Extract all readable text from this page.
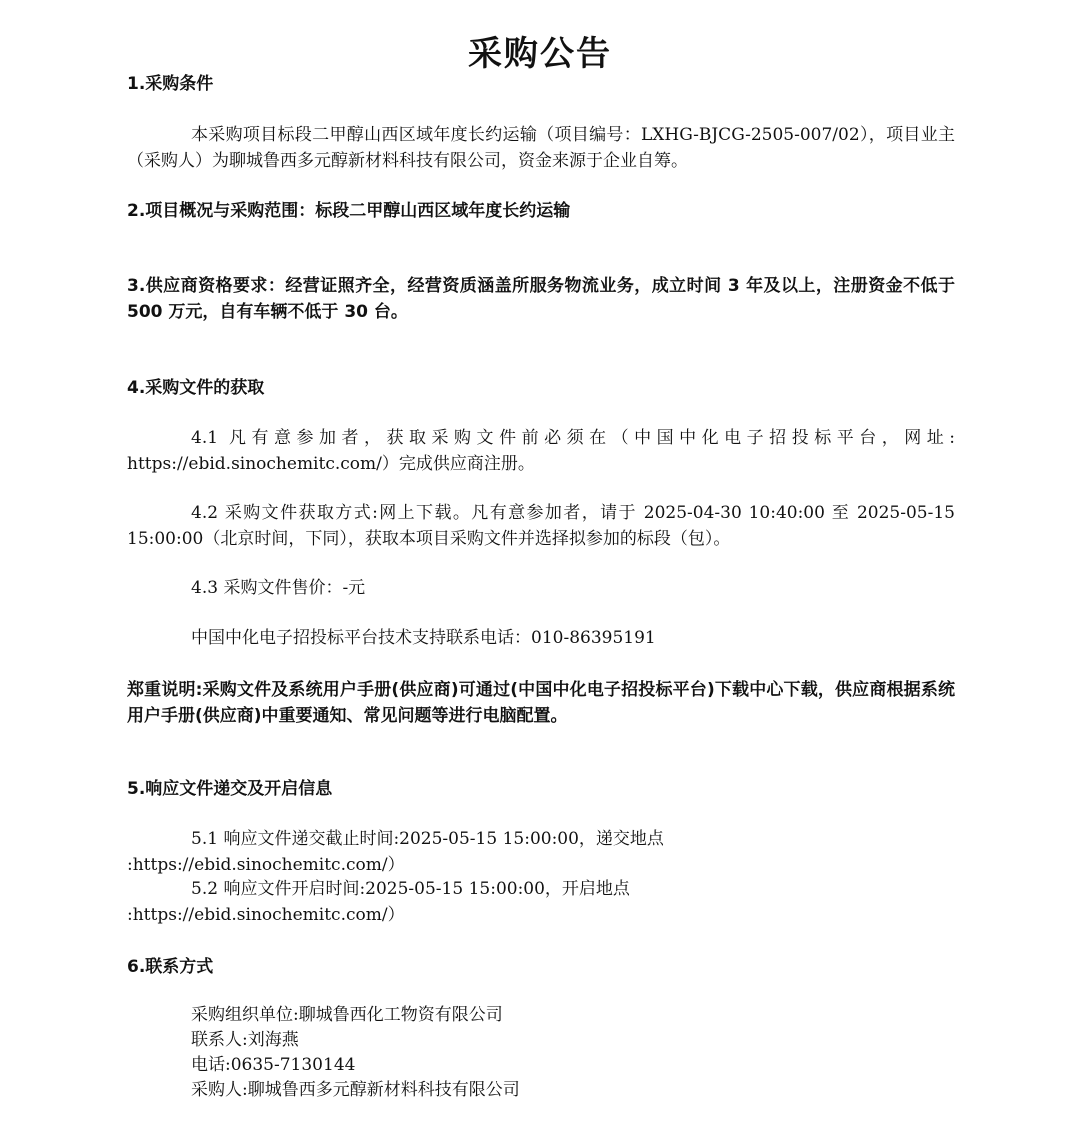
采购公告
1.采购条件
本采购项目标段二甲醇山西区域年度长约运输（项目编号：LXHG-BJCG-2505-007/02），项目业主（采购人）为聊城鲁西多元醇新材料科技有限公司，资金来源于企业自筹。
2.项目概况与采购范围：标段二甲醇山西区域年度长约运输
3.供应商资格要求：经营证照齐全，经营资质涵盖所服务物流业务，成立时间 3 年及以上，注册资金不低于 500 万元，自有车辆不低于 30 台。
4.采购文件的获取
4.1 凡有意参加者，获取采购文件前必须在（中国中化电子招投标平台，网址: https://ebid.sinochemitc.com/）完成供应商注册。
4.2 采购文件获取方式:网上下载。凡有意参加者，请于 2025-04-30 10:40:00 至 2025-05-15 15:00:00（北京时间，下同），获取本项目采购文件并选择拟参加的标段（包）。
4.3 采购文件售价：-元
中国中化电子招投标平台技术支持联系电话：010-86395191
郑重说明:采购文件及系统用户手册(供应商)可通过(中国中化电子招投标平台)下载中心下载，供应商根据系统用户手册(供应商)中重要通知、常见问题等进行电脑配置。
5.响应文件递交及开启信息
5.1 响应文件递交截止时间:2025-05-15 15:00:00，递交地点
:https://ebid.sinochemitc.com/）
5.2 响应文件开启时间:2025-05-15 15:00:00，开启地点
:https://ebid.sinochemitc.com/）
6.联系方式
采购组织单位:聊城鲁西化工物资有限公司
联系人:刘海燕
电话:0635-7130144
采购人:聊城鲁西多元醇新材料科技有限公司
